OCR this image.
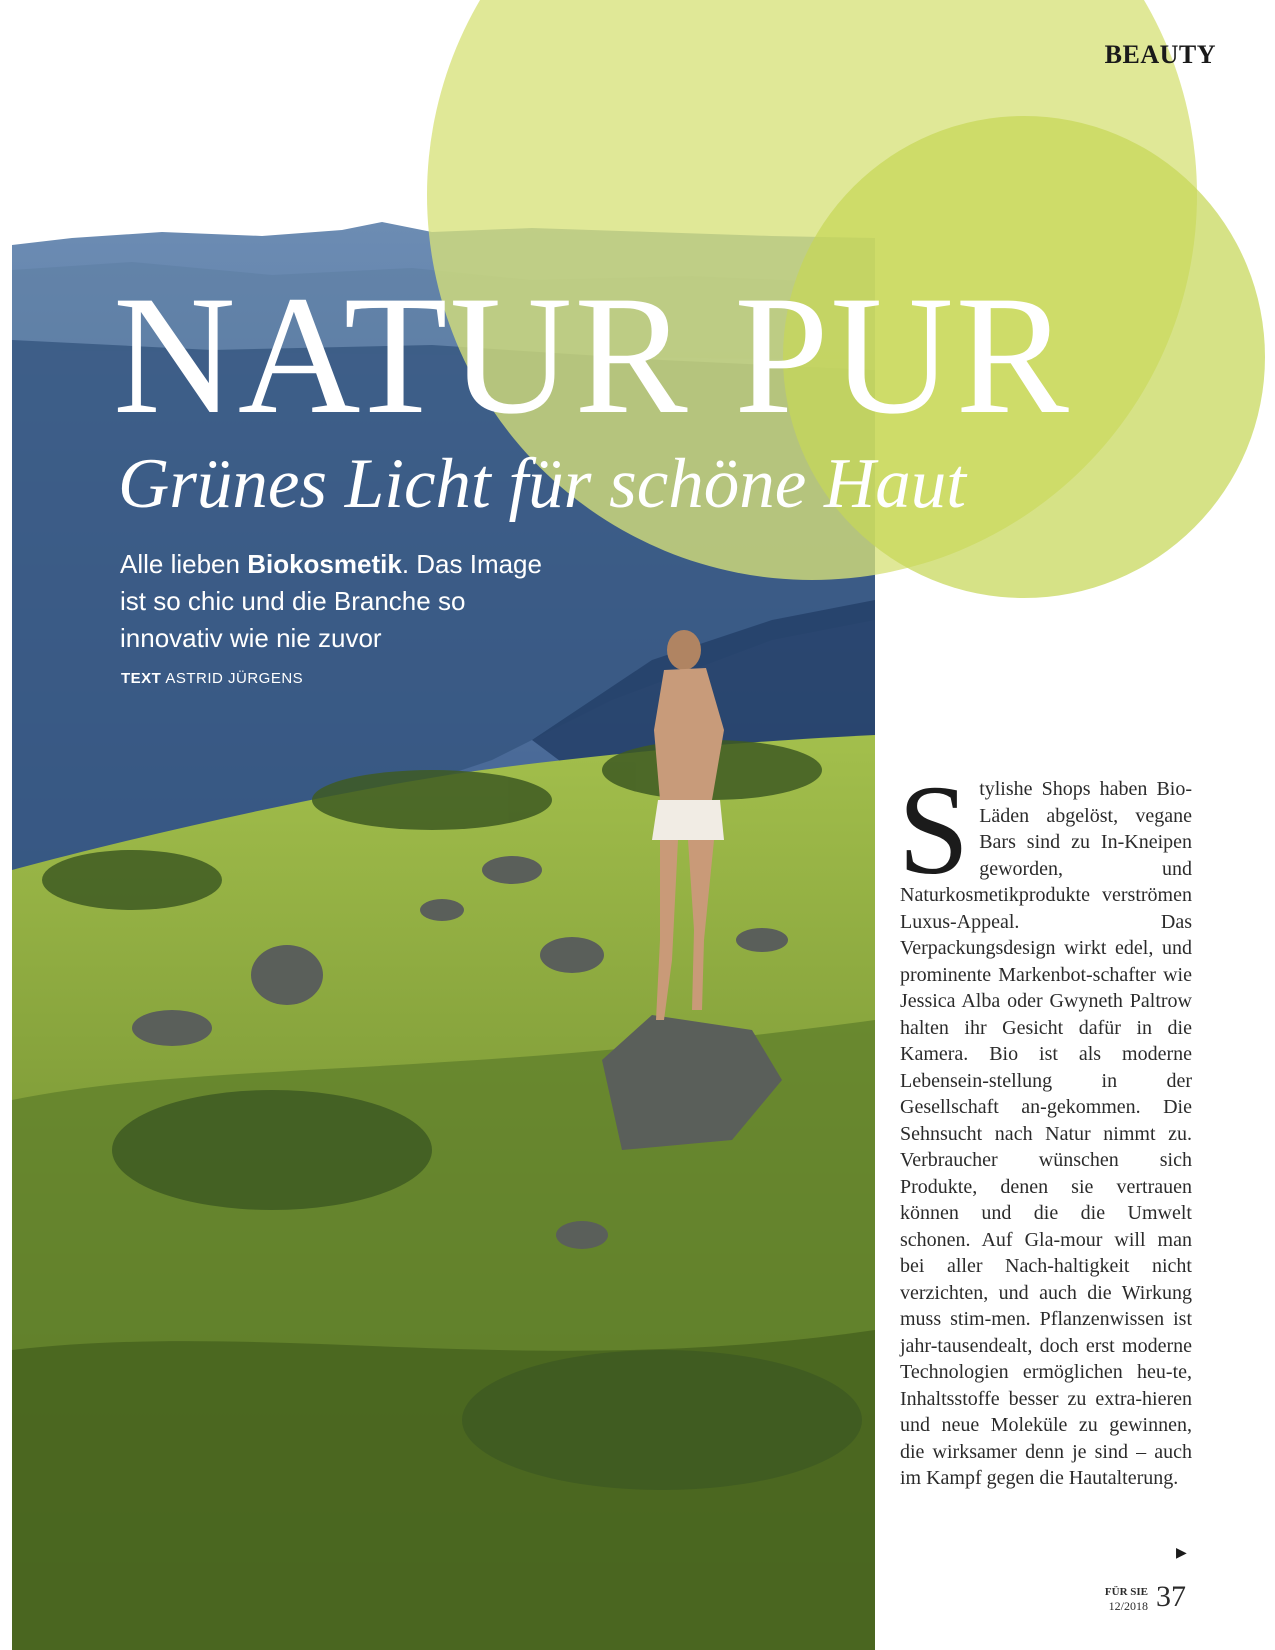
BEAUTY
NATUR PUR
Grünes Licht für schöne Haut
Alle lieben Biokosmetik. Das Image ist so chic und die Branche so innovativ wie nie zuvor
TEXT ASTRID JÜRGENS
S tylishe Shops haben Bio-Läden abgelöst, vegane Bars sind zu In-Kneipen geworden, und Naturkosmetikprodukte verströmen Luxus-Appeal. Das Verpackungsdesign wirkt edel, und prominente Markenbot-schafter wie Jessica Alba oder Gwyneth Paltrow halten ihr Gesicht dafür in die Kamera. Bio ist als moderne Lebensein-stellung in der Gesellschaft an-gekommen. Die Sehnsucht nach Natur nimmt zu. Verbraucher wünschen sich Produkte, denen sie vertrauen können und die die Umwelt schonen. Auf Gla-mour will man bei aller Nach-haltigkeit nicht verzichten, und auch die Wirkung muss stim-men. Pflanzenwissen ist jahr-tausendealt, doch erst moderne Technologien ermöglichen heu-te, Inhaltsstoffe besser zu extra-hieren und neue Moleküle zu gewinnen, die wirksamer denn je sind – auch im Kampf gegen die Hautalterung.
▶
FÜR SIE
12/2018 37
